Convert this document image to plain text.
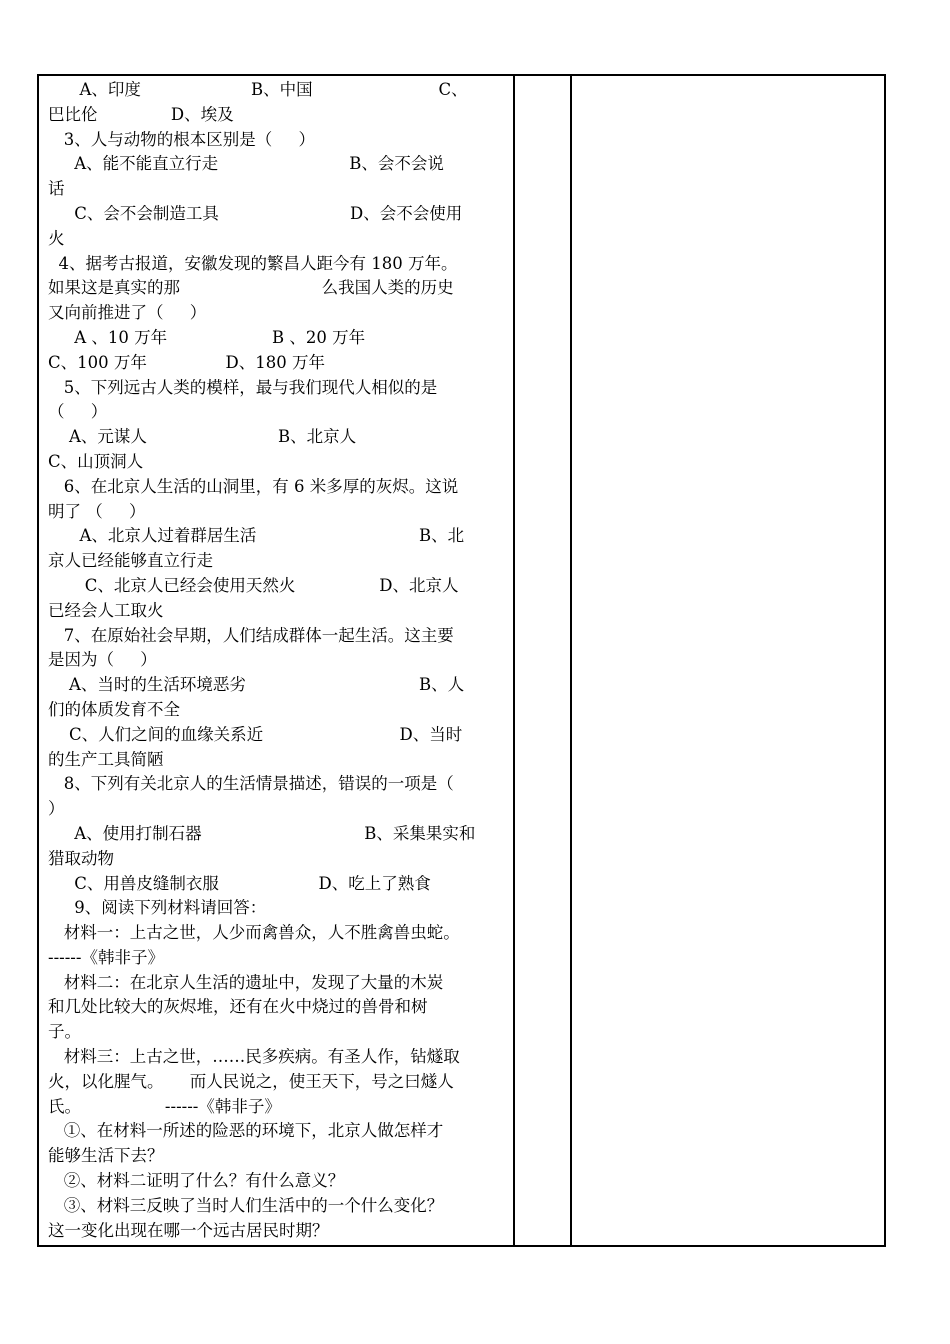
A、印度                     B、中国                        C、
巴比伦              D、埃及
3、人与动物的根本区别是（     ）
A、能不能直立行走                         B、会不会说
话
C、会不会制造工具                         D、会不会使用
火
4、据考古报道，安徽发现的繁昌人距今有 180 万年。
如果这是真实的那                           么我国人类的历史
又向前推进了（     ）
A 、10 万年                    B 、20 万年
C、100 万年               D、180 万年
5、下列远古人类的模样，最与我们现代人相似的是
（     ）
A、元谋人                         B、北京人
C、山顶洞人
6、在北京人生活的山洞里，有 6 米多厚的灰烬。这说
明了 （     ）
A、北京人过着群居生活                               B、北
京人已经能够直立行走
C、北京人已经会使用天然火                D、北京人
已经会人工取火
7、在原始社会早期，人们结成群体一起生活。这主要
是因为（     ）
A、当时的生活环境恶劣                                 B、人
们的体质发育不全
C、人们之间的血缘关系近                          D、当时
的生产工具简陋
8、下列有关北京人的生活情景描述，错误的一项是（
）
A、使用打制石器                               B、采集果实和
猎取动物
C、用兽皮缝制衣服                   D、吃上了熟食
9、阅读下列材料请回答：
材料一：上古之世，人少而禽兽众，人不胜禽兽虫蛇。
------《韩非子》
材料二：在北京人生活的遗址中，发现了大量的木炭
和几处比较大的灰烬堆，还有在火中烧过的兽骨和树
子。
材料三：上古之世，……民多疾病。有圣人作，钻燧取
火，以化腥气。     而人民说之，使王天下，号之曰燧人
氏。                ------《韩非子》
①、在材料一所述的险恶的环境下，北京人做怎样才
能够生活下去？
②、材料二证明了什么？有什么意义？
③、材料三反映了当时人们生活中的一个什么变化？
这一变化出现在哪一个远古居民时期？
